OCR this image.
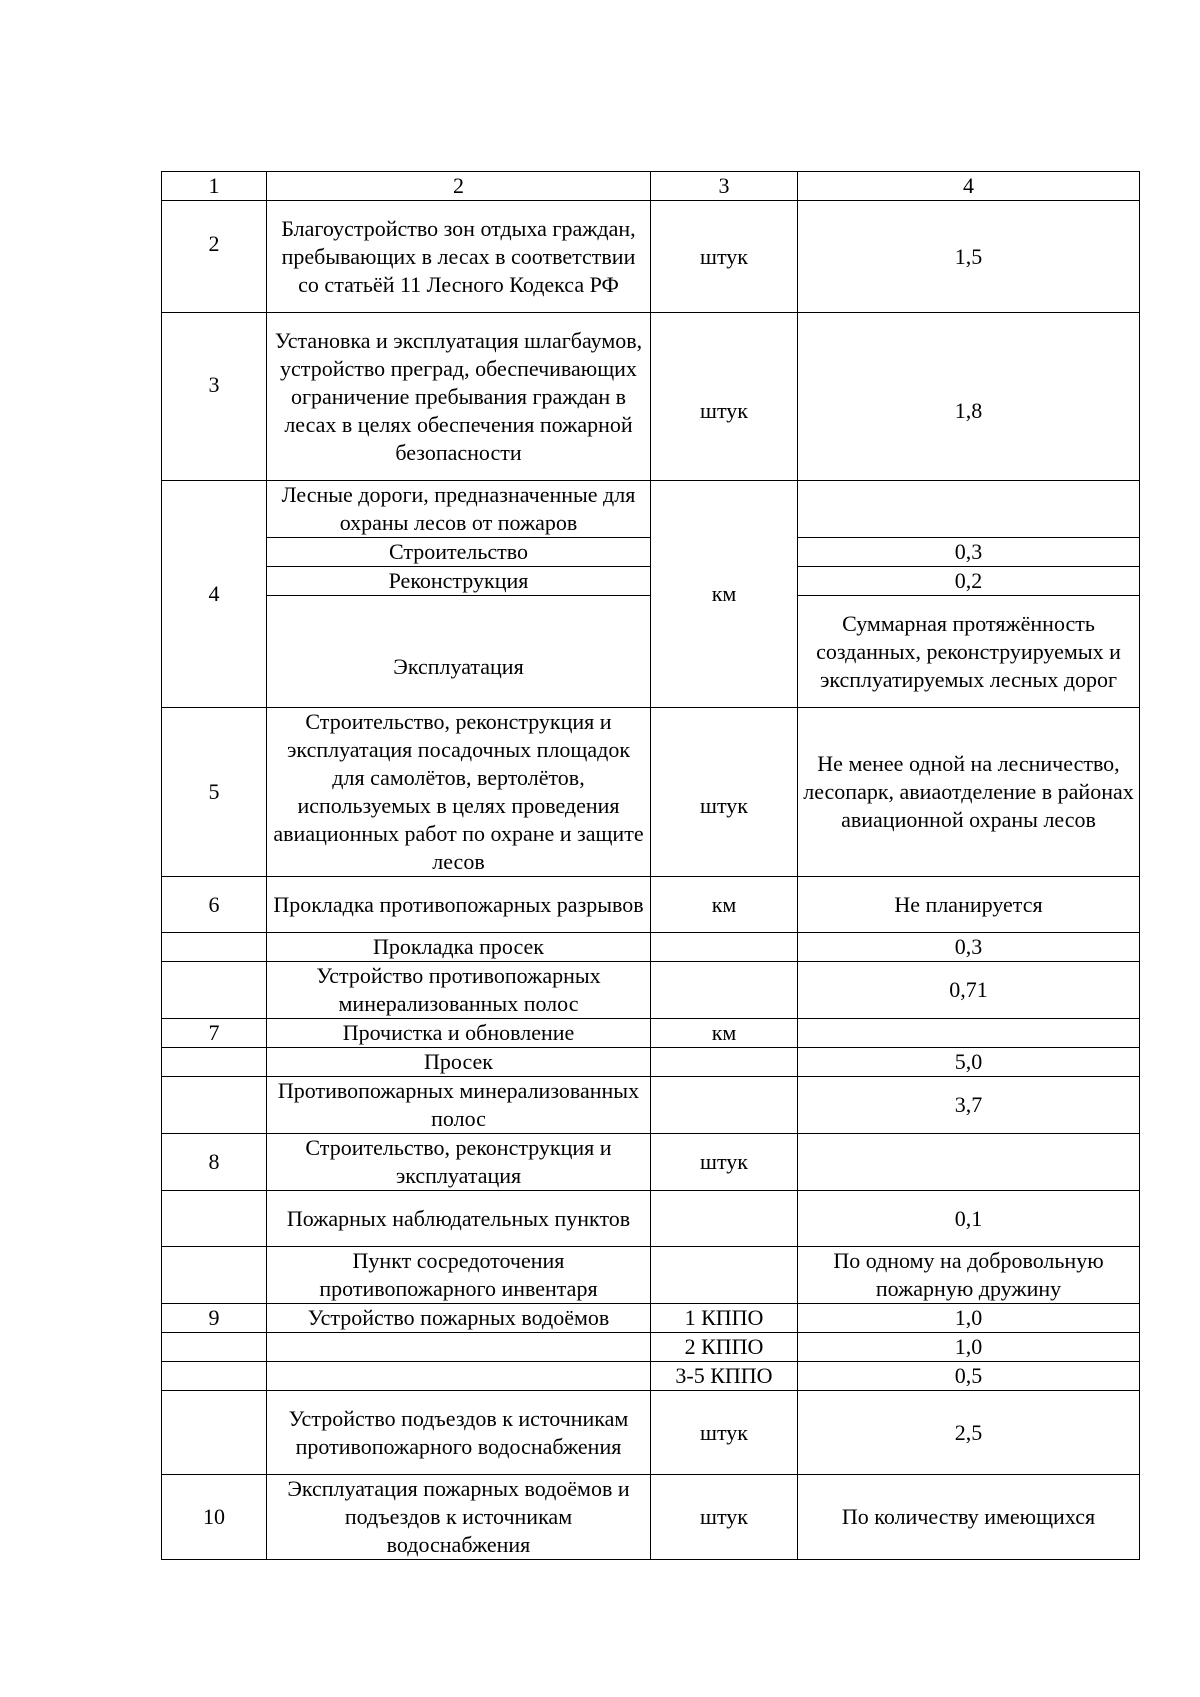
1	2	3	4
2	Благоустройство зон отдыха граждан, пребывающих в лесах в соответствии со статьёй 11 Лесного Кодекса РФ	штук	1,5
3	Установка и эксплуатация шлагбаумов, устройство преград, обеспечивающих ограничение пребывания граждан в лесах в целях обеспечения пожарной безопасности	штук	1,8
4	Лесные дороги, предназначенные для охраны лесов от пожаров	км	
	Строительство		0,3
	Реконструкция		0,2
	Эксплуатация		Суммарная протяжённость созданных, реконструируемых и эксплуатируемых лесных дорог
5	Строительство, реконструкция и эксплуатация посадочных площадок для самолётов, вертолётов, используемых в целях проведения авиационных работ по охране и защите лесов	штук	Не менее одной на лесничество, лесопарк, авиаотделение в районах авиационной охраны лесов
6	Прокладка противопожарных разрывов	км	Не планируется
	Прокладка просек		0,3
	Устройство противопожарных минерализованных полос		0,71
7	Прочистка и обновление	км	
	Просек		5,0
	Противопожарных минерализованных полос		3,7
8	Строительство, реконструкция и эксплуатация	штук	
	Пожарных наблюдательных пунктов		0,1
	Пункт сосредоточения противопожарного инвентаря		По одному на добровольную пожарную дружину
9	Устройство пожарных водоёмов	1 КППО	1,0
		2 КППО	1,0
		3-5 КППО	0,5
	Устройство подъездов к источникам противопожарного водоснабжения	штук	2,5
10	Эксплуатация пожарных водоёмов и подъездов к источникам водоснабжения	штук	По количеству имеющихся
